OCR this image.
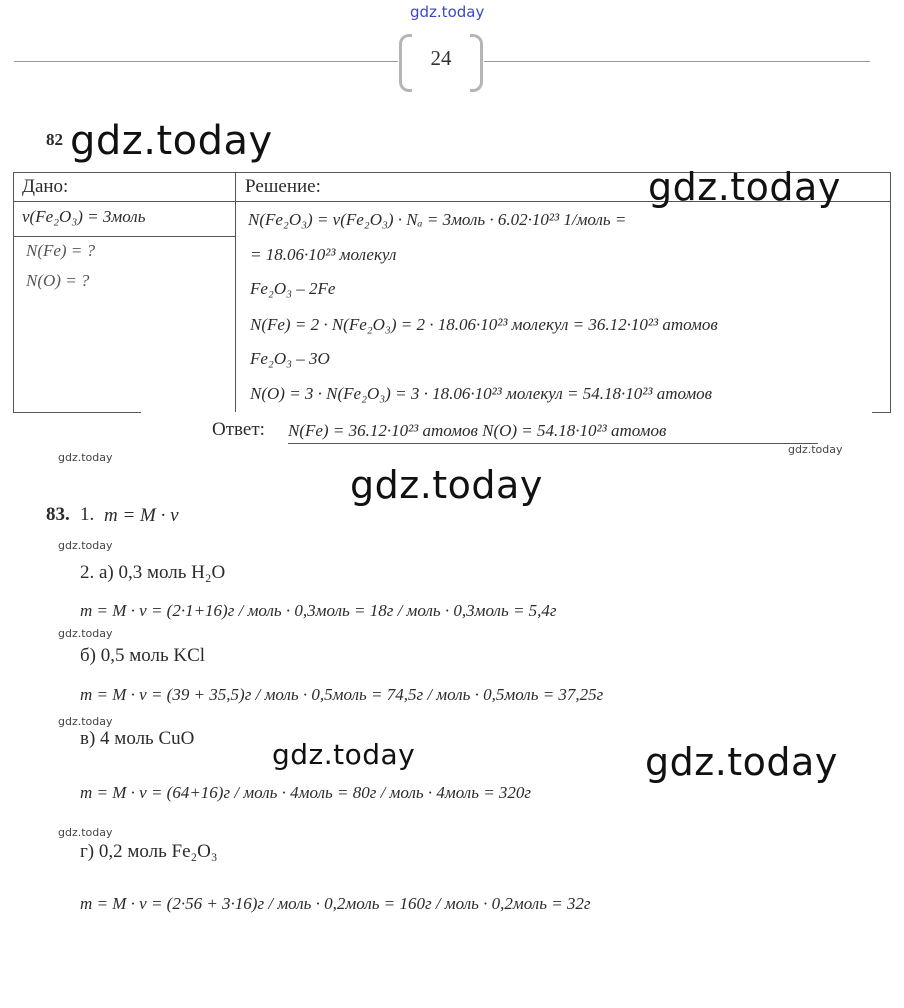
gdz.today
24
82 gdz.today
Дано:	Решение:	gdz.today
ν(Fe₂O₃) = 3моль
N(Fe) = ?
N(O) = ?
N(Fe₂O₃) = ν(Fe₂O₃) · Nₐ = 3моль · 6.02·10²³ 1/моль =
= 18.06·10²³ молекул
Fe₂O₃ – 2Fe
N(Fe) = 2 · N(Fe₂O₃) = 2 · 18.06·10²³ молекул = 36.12·10²³ атомов
Fe₂O₃ – 3O
N(O) = 3 · N(Fe₂O₃) = 3 · 18.06·10²³ молекул = 54.18·10²³ атомов
Ответ: N(Fe) = 36.12·10²³ атомов N(O) = 54.18·10²³ атомов
gdz.today
gdz.today
gdz.today
83. 1. m = M · ν
gdz.today
2. а) 0,3 моль H₂O
m = M · ν = (2·1+16)г / моль · 0,3моль = 18г / моль · 0,3моль = 5,4г
gdz.today
б) 0,5 моль KCl
m = M · ν = (39 + 35,5)г / моль · 0,5моль = 74,5г / моль · 0,5моль = 37,25г
gdz.today
в) 4 моль CuO	gdz.today	gdz.today
m = M · ν = (64+16)г / моль · 4моль = 80г / моль · 4моль = 320г
gdz.today
г) 0,2 моль Fe₂O₃
m = M · ν = (2·56 + 3·16)г / моль · 0,2моль = 160г / моль · 0,2моль = 32г
